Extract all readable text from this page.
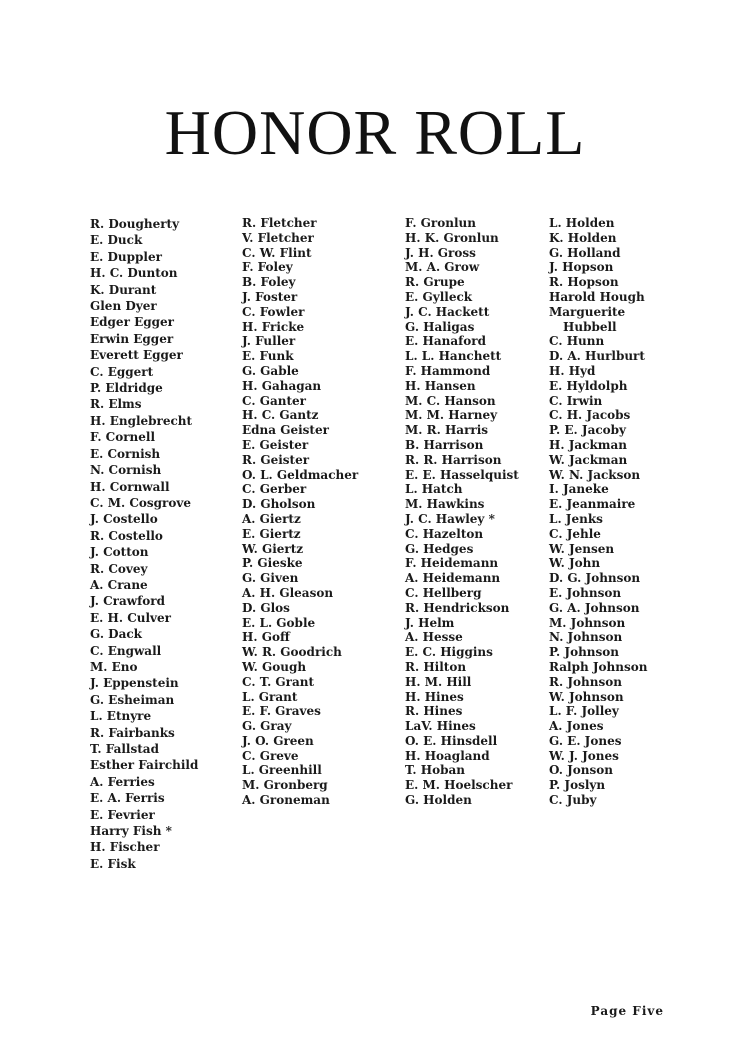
HONOR ROLL
R. Dougherty
E. Duck
E. Duppler
H. C. Dunton
K. Durant
Glen Dyer
Edger Egger
Erwin Egger
Everett Egger
C. Eggert
P. Eldridge
R. Elms
H. Englebrecht
F. Cornell
E. Cornish
N. Cornish
H. Cornwall
C. M. Cosgrove
J. Costello
R. Costello
J. Cotton
R. Covey
A. Crane
J. Crawford
E. H. Culver
G. Dack
C. Engwall
M. Eno
J. Eppenstein
G. Esheiman
L. Etnyre
R. Fairbanks
T. Fallstad
Esther Fairchild
A. Ferries
E. A. Ferris
E. Fevrier
Harry Fish *
H. Fischer
E. Fisk
R. Fletcher
V. Fletcher
C. W. Flint
F. Foley
B. Foley
J. Foster
C. Fowler
H. Fricke
J. Fuller
E. Funk
G. Gable
H. Gahagan
C. Ganter
H. C. Gantz
Edna Geister
E. Geister
R. Geister
O. L. Geldmacher
C. Gerber
D. Gholson
A. Giertz
E. Giertz
W. Giertz
P. Gieske
G. Given
A. H. Gleason
D. Glos
E. L. Goble
H. Goff
W. R. Goodrich
W. Gough
C. T. Grant
L. Grant
E. F. Graves
G. Gray
J. O. Green
C. Greve
L. Greenhill
M. Gronberg
A. Groneman
F. Gronlun
H. K. Gronlun
J. H. Gross
M. A. Grow
R. Grupe
E. Gylleck
J. C. Hackett
G. Haligas
E. Hanaford
L. L. Hanchett
F. Hammond
H. Hansen
M. C. Hanson
M. M. Harney
M. R. Harris
B. Harrison
R. R. Harrison
E. E. Hasselquist
L. Hatch
M. Hawkins
J. C. Hawley *
C. Hazelton
G. Hedges
F. Heidemann
A. Heidemann
C. Hellberg
R. Hendrickson
J. Helm
A. Hesse
E. C. Higgins
R. Hilton
H. M. Hill
H. Hines
R. Hines
LaV. Hines
O. E. Hinsdell
H. Hoagland
T. Hoban
E. M. Hoelscher
G. Holden
L. Holden
K. Holden
G. Holland
J. Hopson
R. Hopson
Harold Hough
Marguerite
Hubbell
C. Hunn
D. A. Hurlburt
H. Hyd
E. Hyldolph
C. Irwin
C. H. Jacobs
P. E. Jacoby
H. Jackman
W. Jackman
W. N. Jackson
I. Janeke
E. Jeanmaire
L. Jenks
C. Jehle
W. Jensen
W. John
D. G. Johnson
E. Johnson
G. A. Johnson
M. Johnson
N. Johnson
P. Johnson
Ralph Johnson
R. Johnson
W. Johnson
L. F. Jolley
A. Jones
G. E. Jones
W. J. Jones
O. Jonson
P. Joslyn
C. Juby
Page Five
